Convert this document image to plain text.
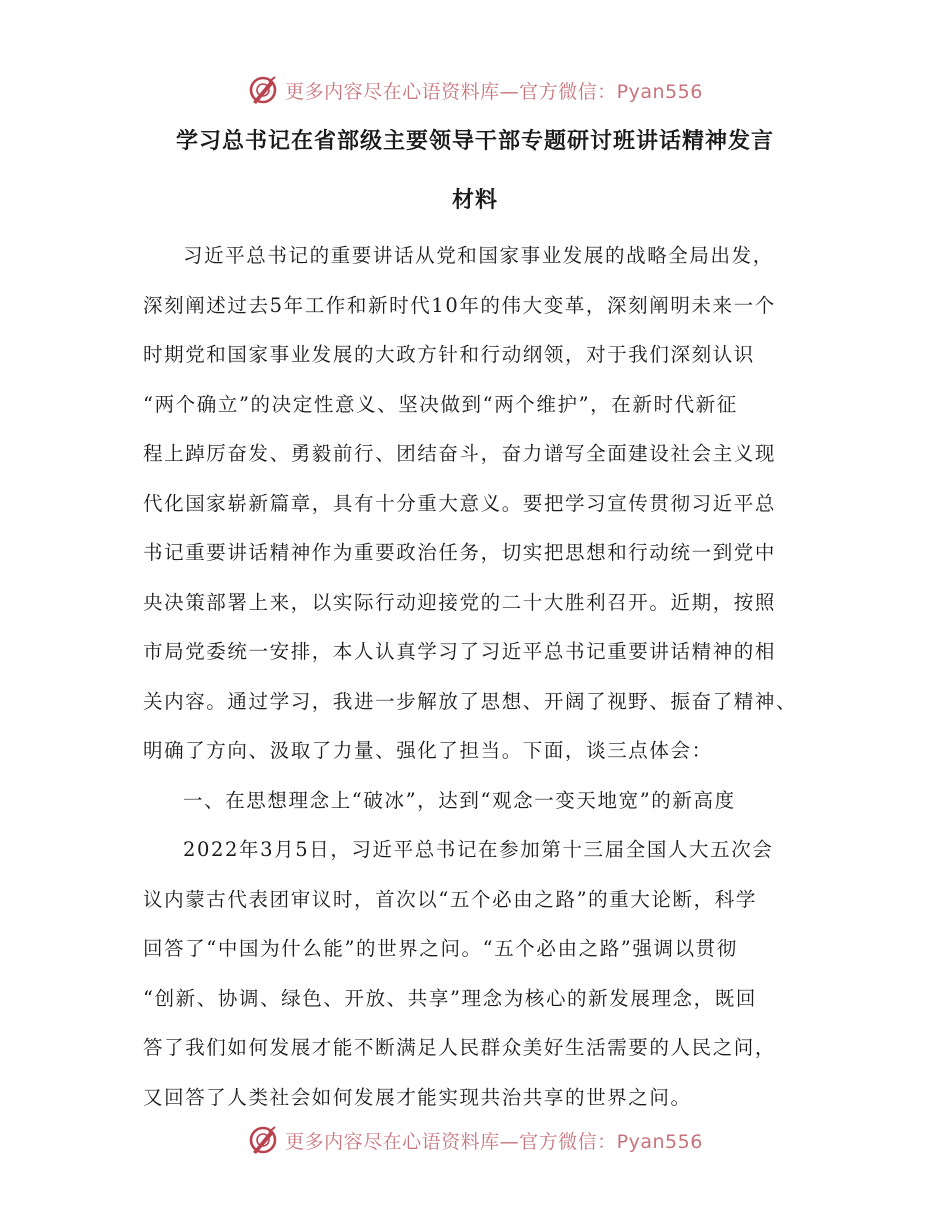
更多内容尽在心语资料库—官方微信：Pyan556
学习总书记在省部级主要领导干部专题研讨班讲话精神发言
材料
习近平总书记的重要讲话从党和国家事业发展的战略全局出发，
深刻阐述过去5年工作和新时代10年的伟大变革，深刻阐明未来一个
时期党和国家事业发展的大政方针和行动纲领，对于我们深刻认识
“两个确立”的决定性意义、坚决做到“两个维护”，在新时代新征
程上踔厉奋发、勇毅前行、团结奋斗，奋力谱写全面建设社会主义现
代化国家崭新篇章，具有十分重大意义。要把学习宣传贯彻习近平总
书记重要讲话精神作为重要政治任务，切实把思想和行动统一到党中
央决策部署上来，以实际行动迎接党的二十大胜利召开。近期，按照
市局党委统一安排，本人认真学习了习近平总书记重要讲话精神的相
关内容。通过学习，我进一步解放了思想、开阔了视野、振奋了精神、
明确了方向、汲取了力量、强化了担当。下面，谈三点体会：
一、在思想理念上“破冰”，达到“观念一变天地宽”的新高度
2022年3月5日，习近平总书记在参加第十三届全国人大五次会
议内蒙古代表团审议时，首次以“五个必由之路”的重大论断，科学
回答了“中国为什么能”的世界之问。“五个必由之路”强调以贯彻
“创新、协调、绿色、开放、共享”理念为核心的新发展理念，既回
答了我们如何发展才能不断满足人民群众美好生活需要的人民之问，
又回答了人类社会如何发展才能实现共治共享的世界之问。
更多内容尽在心语资料库—官方微信：Pyan556
